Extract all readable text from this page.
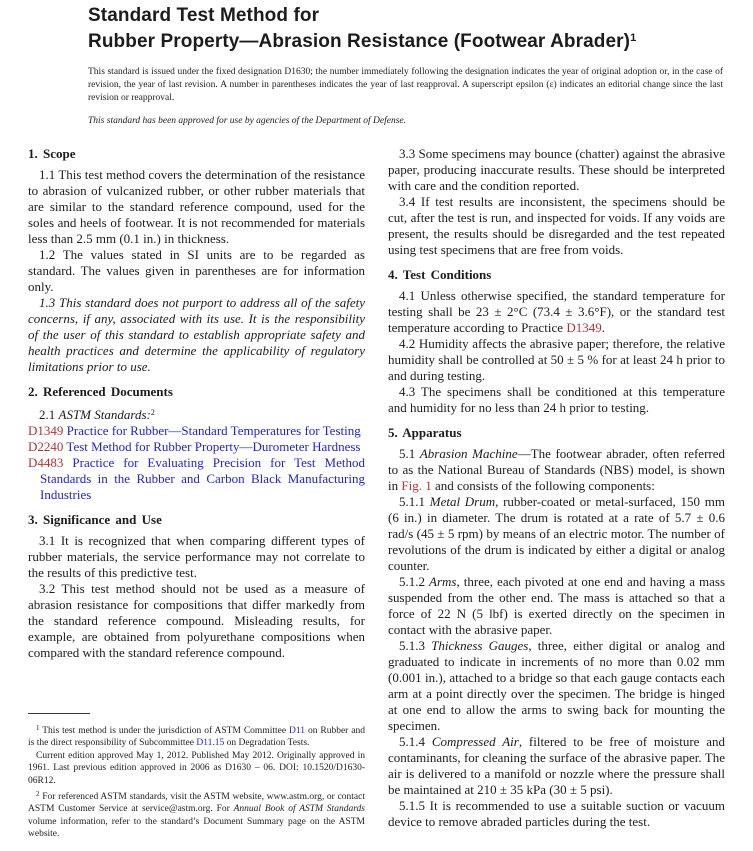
Standard Test Method for
Rubber Property—Abrasion Resistance (Footwear Abrader)$^1$

This standard is issued under the fixed designation D1630; the number immediately following the designation indicates the year of original adoption or, in the case of revision, the year of last revision. A number in parentheses indicates the year of last reapproval. A superscript epsilon (ε) indicates an editorial change since the last revision or reapproval.

This standard has been approved for use by agencies of the Department of Defense.

1. Scope

1.1 This test method covers the determination of the resistance to abrasion of vulcanized rubber, or other rubber materials that are similar to the standard reference compound, used for the soles and heels of footwear. It is not recommended for materials less than 2.5 mm (0.1 in.) in thickness.

1.2 The values stated in SI units are to be regarded as standard. The values given in parentheses are for information only.

1.3 This standard does not purport to address all of the safety concerns, if any, associated with its use. It is the responsibility of the user of this standard to establish appropriate safety and health practices and determine the applicability of regulatory limitations prior to use.

2. Referenced Documents

2.1 ASTM Standards:$^2$

D1349 Practice for Rubber—Standard Temperatures for Testing

D2240 Test Method for Rubber Property—Durometer Hardness

D4483 Practice for Evaluating Precision for Test Method Standards in the Rubber and Carbon Black Manufacturing Industries

3. Significance and Use

3.1 It is recognized that when comparing different types of rubber materials, the service performance may not correlate to the results of this predictive test.

3.2 This test method should not be used as a measure of abrasion resistance for compositions that differ markedly from the standard reference compound. Misleading results, for example, are obtained from polyurethane compositions when compared with the standard reference compound.

$^1$ This test method is under the jurisdiction of ASTM Committee D11 on Rubber and is the direct responsibility of Subcommittee D11.15 on Degradation Tests.

Current edition approved May 1, 2012. Published May 2012. Originally approved in 1961. Last previous edition approved in 2006 as D1630 – 06. DOI: 10.1520/D1630-06R12.

$^2$ For referenced ASTM standards, visit the ASTM website, www.astm.org, or contact ASTM Customer Service at service@astm.org. For Annual Book of ASTM Standards volume information, refer to the standard’s Document Summary page on the ASTM website.

3.3 Some specimens may bounce (chatter) against the abrasive paper, producing inaccurate results. These should be interpreted with care and the condition reported.

3.4 If test results are inconsistent, the specimens should be cut, after the test is run, and inspected for voids. If any voids are present, the results should be disregarded and the test repeated using test specimens that are free from voids.

4. Test Conditions

4.1 Unless otherwise specified, the standard temperature for testing shall be 23 ± 2°C (73.4 ± 3.6°F), or the standard test temperature according to Practice D1349.

4.2 Humidity affects the abrasive paper; therefore, the relative humidity shall be controlled at 50 ± 5 % for at least 24 h prior to and during testing.

4.3 The specimens shall be conditioned at this temperature and humidity for no less than 24 h prior to testing.

5. Apparatus

5.1 Abrasion Machine—The footwear abrader, often referred to as the National Bureau of Standards (NBS) model, is shown in Fig. 1 and consists of the following components:

5.1.1 Metal Drum, rubber-coated or metal-surfaced, 150 mm (6 in.) in diameter. The drum is rotated at a rate of 5.7 ± 0.6 rad/s (45 ± 5 rpm) by means of an electric motor. The number of revolutions of the drum is indicated by either a digital or analog counter.

5.1.2 Arms, three, each pivoted at one end and having a mass suspended from the other end. The mass is attached so that a force of 22 N (5 lbf) is exerted directly on the specimen in contact with the abrasive paper.

5.1.3 Thickness Gauges, three, either digital or analog and graduated to indicate in increments of no more than 0.02 mm (0.001 in.), attached to a bridge so that each gauge contacts each arm at a point directly over the specimen. The bridge is hinged at one end to allow the arms to swing back for mounting the specimen.

5.1.4 Compressed Air, filtered to be free of moisture and contaminants, for cleaning the surface of the abrasive paper. The air is delivered to a manifold or nozzle where the pressure shall be maintained at 210 ± 35 kPa (30 ± 5 psi).

5.1.5 It is recommended to use a suitable suction or vacuum device to remove abraded particles during the test.
